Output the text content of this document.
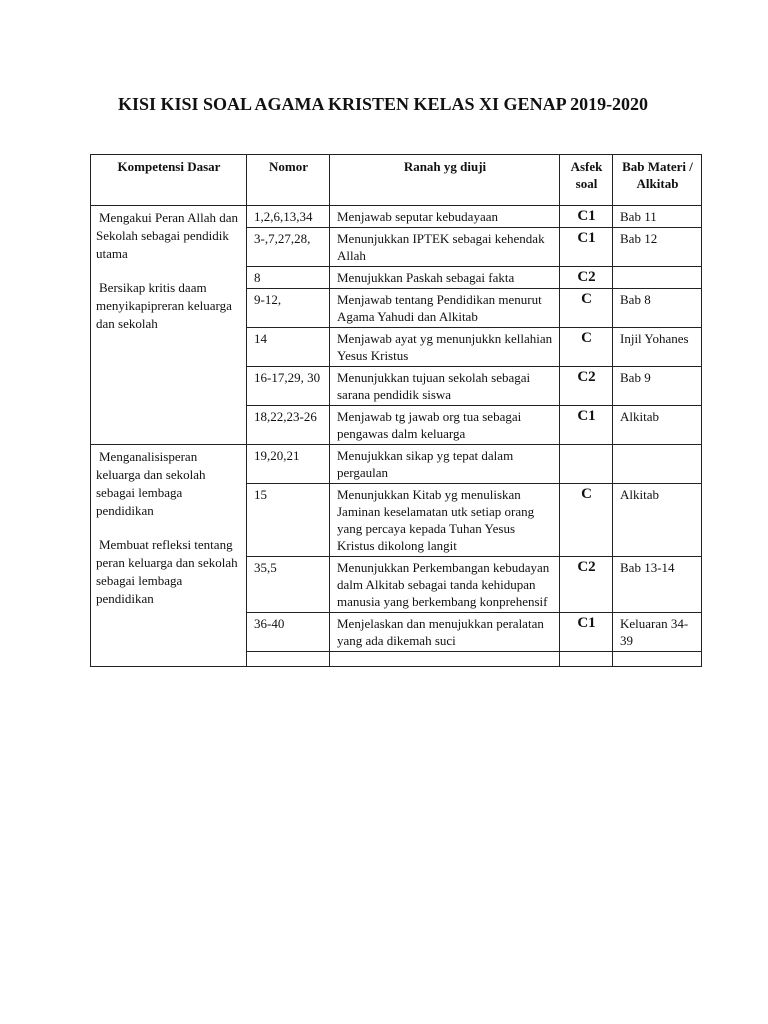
KISI KISI SOAL AGAMA KRISTEN KELAS XI GENAP 2019-2020
Kompetensi Dasar	Nomor	Ranah yg diuji	Asfek soal	Bab Materi / Alkitab

Mengakui Peran Allah dan Sekolah sebagai pendidik utama

Bersikap kritis daam menyikapipreran keluarga dan sekolah	1,2,6,13,34	Menjawab seputar kebudayaan	C1	Bab 11
	3-,7,27,28,	Menunjukkan IPTEK sebagai kehendak Allah	C1	Bab 12
	8	Menujukkan Paskah sebagai fakta	C2	
	9-12,	Menjawab tentang Pendidikan menurut Agama Yahudi dan Alkitab	C	Bab 8
	14	Menjawab ayat yg menunjukkn kellahian Yesus Kristus	C	Injil Yohanes
	16-17,29, 30	Menunjukkan tujuan sekolah sebagai sarana pendidik siswa	C2	Bab 9
	18,22,23-26	Menjawab tg jawab org tua sebagai pengawas dalm keluarga	C1	Alkitab

Menganalisisperan keluarga dan sekolah sebagai lembaga pendidikan

Membuat refleksi tentang peran keluarga dan sekolah sebagai lembaga pendidikan	19,20,21	Menujukkan sikap yg tepat dalam pergaulan		
	15	Menunjukkan Kitab yg menuliskan Jaminan keselamatan utk setiap orang yang percaya kepada Tuhan Yesus Kristus dikolong langit	C	Alkitab
	35,5	Menunjukkan Perkembangan kebudayan dalm Alkitab sebagai tanda kehidupan manusia yang berkembang konprehensif	C2	Bab 13-14
	36-40	Menjelaskan dan menujukkan peralatan yang ada dikemah suci	C1	Keluaran 34-39
